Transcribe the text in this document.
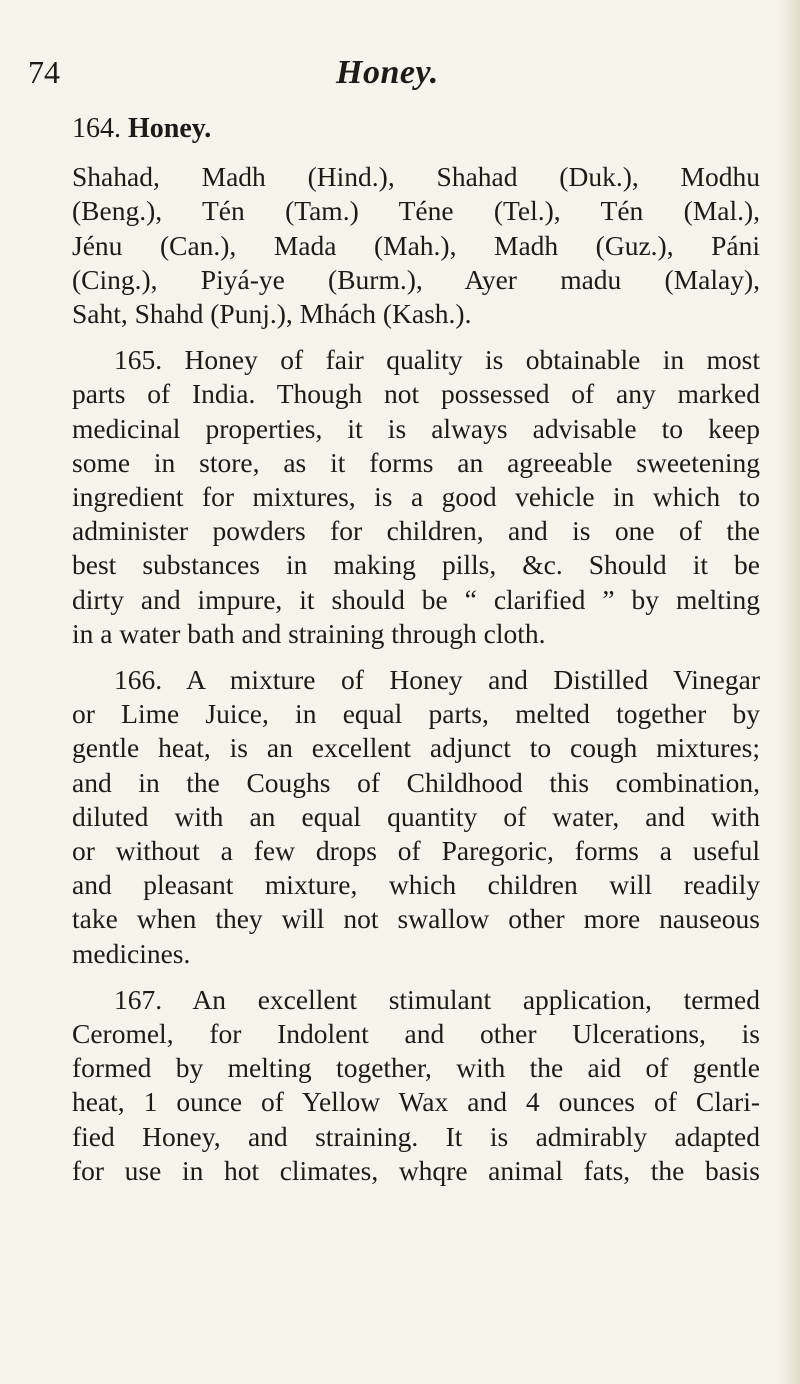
74	Honey.
164. Honey.
Shahad, Madh (Hind.), Shahad (Duk.), Modhu
(Beng.), Tén (Tam.) Téne (Tel.), Tén (Mal.),
Jénu (Can.), Mada (Mah.), Madh (Guz.), Páni
(Cing.), Piyá-ye (Burm.), Ayer madu (Malay),
Saht, Shahd (Punj.), Mhách (Kash.).
165. Honey of fair quality is obtainable in most
parts of India. Though not possessed of any marked
medicinal properties, it is always advisable to keep
some in store, as it forms an agreeable sweetening
ingredient for mixtures, is a good vehicle in which to
administer powders for children, and is one of the
best substances in making pills, &c. Should it be
dirty and impure, it should be “ clarified ” by melting
in a water bath and straining through cloth.
166. A mixture of Honey and Distilled Vinegar
or Lime Juice, in equal parts, melted together by
gentle heat, is an excellent adjunct to cough mixtures;
and in the Coughs of Childhood this combination,
diluted with an equal quantity of water, and with
or without a few drops of Paregoric, forms a useful
and pleasant mixture, which children will readily
take when they will not swallow other more nauseous
medicines.
167. An excellent stimulant application, termed
Ceromel, for Indolent and other Ulcerations, is
formed by melting together, with the aid of gentle
heat, 1 ounce of Yellow Wax and 4 ounces of Clari-
fied Honey, and straining. It is admirably adapted
for use in hot climates, whqre animal fats, the basis
